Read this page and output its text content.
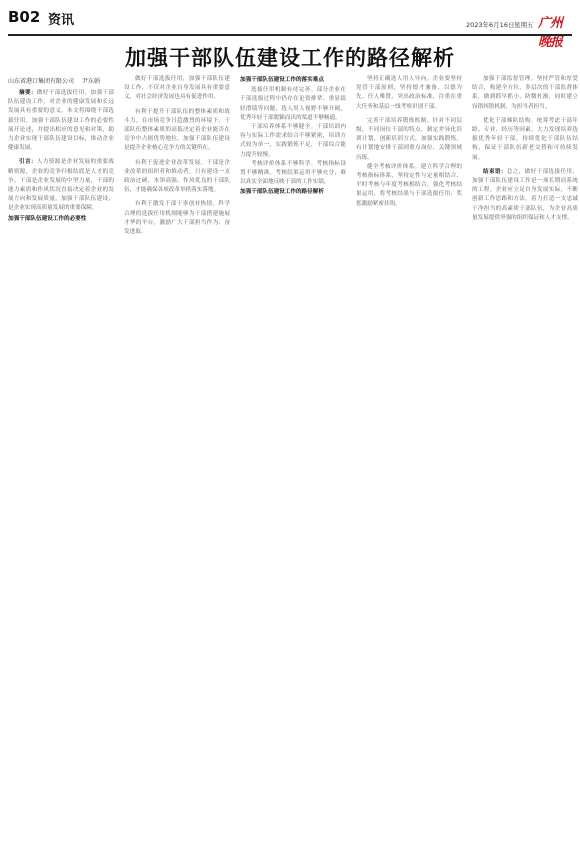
B02 资讯	2023年6月16日 星期五 广州晚报
加强干部队伍建设工作的路径解析
山东省港口集团有限公司 尹东娟

摘要：做好干部选拔任用，加强干部队伍建设工作，对企业的健康发展和长远发展具有重要的意义。本文将围绕干部选拔任用、加强干部队伍建设工作的必要性展开论述，并提出相应的意见和对策，助力企业实现干部队伍建设目标，推动企业健康发展。

引言：人力资源是企业发展的重要战略资源，企业的竞争归根结底是人才的竞争。干部是企业发展的中坚力量，干部的能力素质和作风状况直接决定着企业的发展方向和发展质量。加强干部队伍建设，是企业实现高质量发展的重要保障。

加强干部队伍建设工作的必要性

做好干部选拔任用，加强干部队伍建设工作，不仅对企业自身发展具有重要意义，对社会经济发展也具有促进作用。

有利于提升干部队伍的整体素质和战斗力。在市场竞争日趋激烈的环境下，干部队伍整体素质的高低决定着企业能否在竞争中占据优势地位，加强干部队伍建设是提升企业核心竞争力的关键所在。

有利于促进企业改革发展。干部是企业改革的组织者和推动者，只有建设一支政治过硬、本领高强、作风优良的干部队伍，才能确保各项改革举措落实落地。

有利于激发干部干事创业热情。科学合理的选拔任用机制能够为干部搭建施展才华的平台，激励广大干部担当作为、奋发进取。

加强干部队伍建设工作的落实难点

选拔任用机制有待完善。部分企业在干部选拔过程中仍存在论资排辈、重显绩轻潜绩等问题，选人用人视野不够开阔，优秀年轻干部脱颖而出的渠道不够畅通。

干部培养体系不够健全。干部培训内容与实际工作需求结合不够紧密，培训方式较为单一，实践锻炼不足，干部综合能力提升较慢。

考核评价体系不够科学。考核指标设置不够精准，考核结果运用不够充分，难以真实全面地反映干部的工作实绩。

加强干部队伍建设工作的路径解析

坚持正确选人用人导向。企业要坚持党管干部原则，坚持德才兼备、以德为先、任人唯贤，突出政治标准，注重在重大任务和基层一线考察识别干部。

完善干部培养锻炼机制。针对不同层级、不同岗位干部的特点，制定差异化培训计划，创新培训方式，加强实践锻炼，有计划地安排干部到重点岗位、关键领域历练。

健全考核评价体系。建立科学合理的考核指标体系，坚持定性与定量相结合、平时考核与年度考核相结合，强化考核结果运用，将考核结果与干部选拔任用、奖惩激励紧密挂钩。

加强干部监督管理。坚持严管和厚爱结合，构建全方位、多层次的干部监督体系，做到抓早抓小、防微杜渐，同时建立容错纠错机制，为担当者担当。

优化干部梯队结构。统筹考虑干部年龄、专业、经历等因素，大力发现培养选拔优秀年轻干部，持续优化干部队伍结构，保证干部队伍新老交替和可持续发展。

结束语：总之，做好干部选拔任用，加强干部队伍建设工作是一项长期而系统的工程。企业应立足自身发展实际，不断创新工作思路和方法，着力打造一支忠诚干净担当的高素质干部队伍，为企业高质量发展提供坚强的组织保证和人才支撑。
